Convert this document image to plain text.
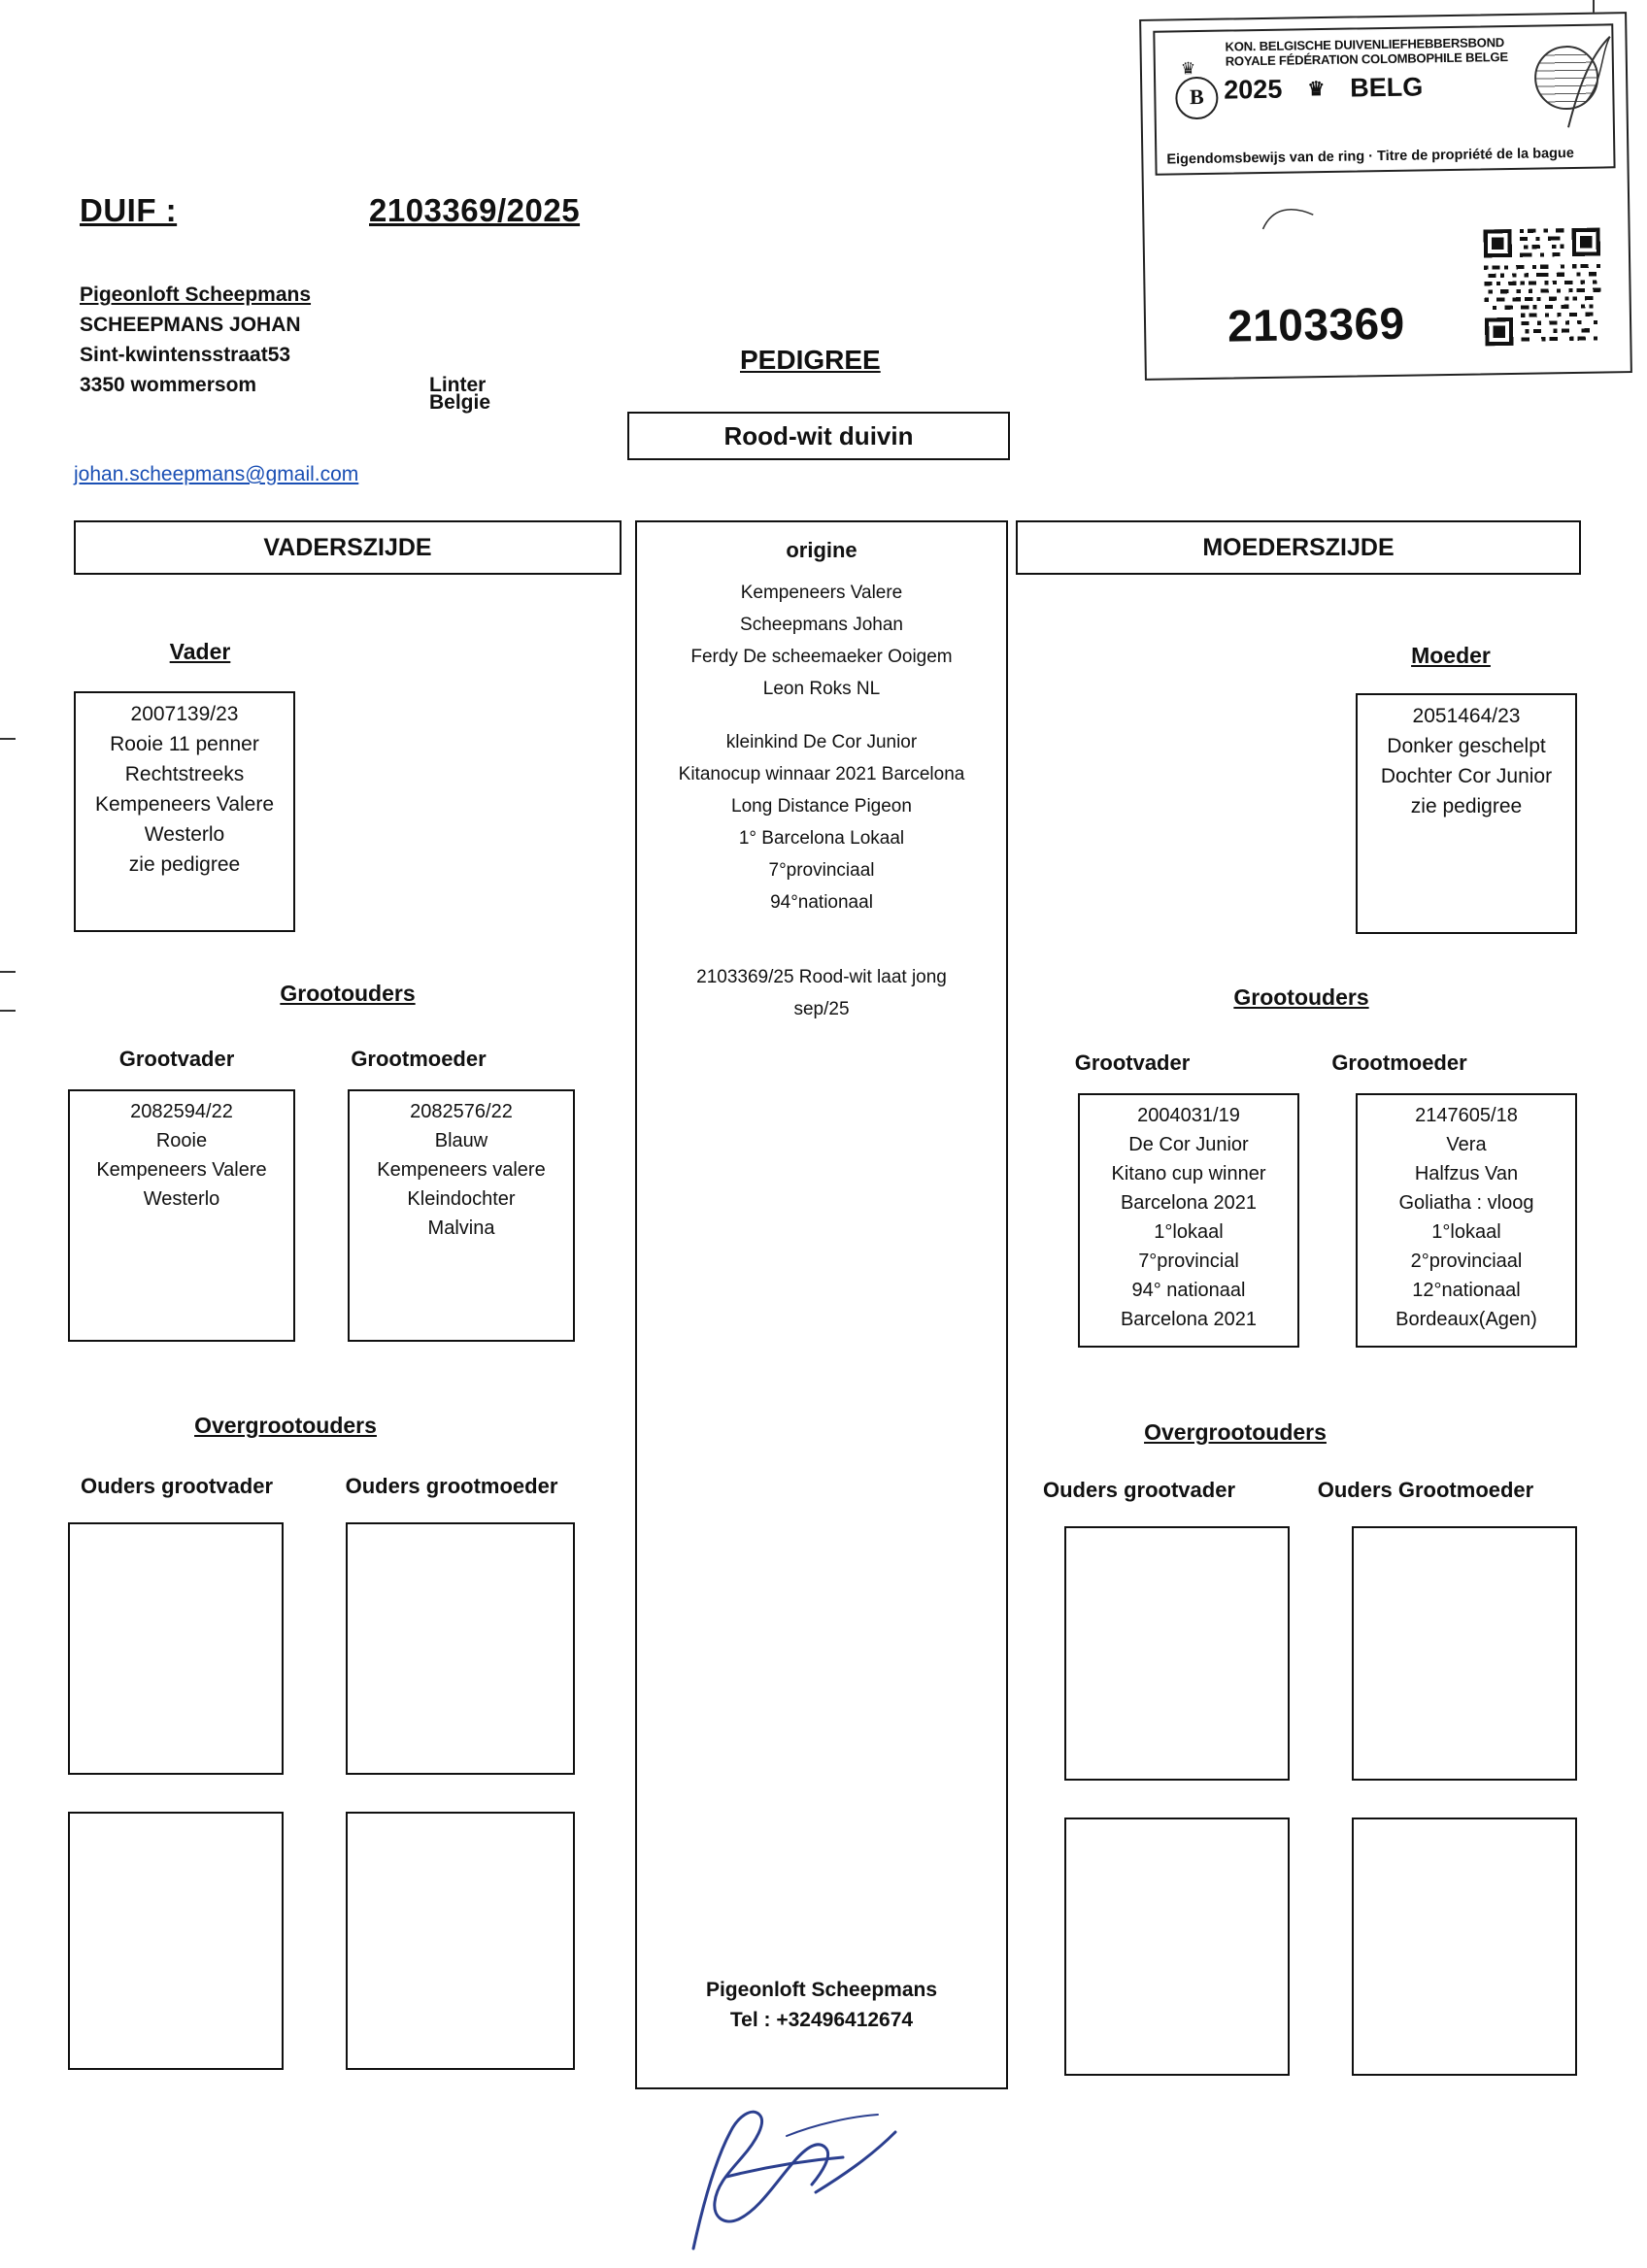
♛
B
KON. BELGISCHE DUIVENLIEFHEBBERSBOND
ROYALE FÉDÉRATION COLOMBOPHILE BELGE
2025 ♛ BELG
Eigendomsbewijs van de ring · Titre de propriété de la bague
2103369
DUIF :	2103369/2025
Pigeonloft Scheepmans
SCHEEPMANS JOHAN
Sint-kwintensstraat53
3350 wommersom	Linter
Belgie
johan.scheepmans@gmail.com
PEDIGREE
Rood-wit duivin
VADERSZIJDE	MOEDERSZIJDE
origine
Kempeneers Valere
Scheepmans Johan
Ferdy De scheemaeker Ooigem
Leon Roks NL
kleinkind De Cor Junior
Kitanocup winnaar 2021 Barcelona
Long Distance Pigeon
1° Barcelona Lokaal
7°provinciaal
94°nationaal
2103369/25 Rood-wit laat jong
sep/25
Pigeonloft Scheepmans
Tel : +32496412674
Vader
2007139/23
Rooie 11 penner
Rechtstreeks
Kempeneers Valere
Westerlo
zie pedigree
Grootouders
Grootvader	Grootmoeder
2082594/22
Rooie
Kempeneers Valere
Westerlo
2082576/22
Blauw
Kempeneers valere
Kleindochter
Malvina
Overgrootouders
Ouders grootvader	Ouders grootmoeder
Moeder
2051464/23
Donker geschelpt
Dochter Cor Junior
zie pedigree
Grootouders
Grootvader	Grootmoeder
2004031/19
De Cor Junior
Kitano cup winner
Barcelona 2021
1°lokaal
7°provincial
94° nationaal
Barcelona 2021
2147605/18
Vera
Halfzus Van
Goliatha : vloog
1°lokaal
2°provinciaal
12°nationaal
Bordeaux(Agen)
Overgrootouders
Ouders grootvader	Ouders Grootmoeder
